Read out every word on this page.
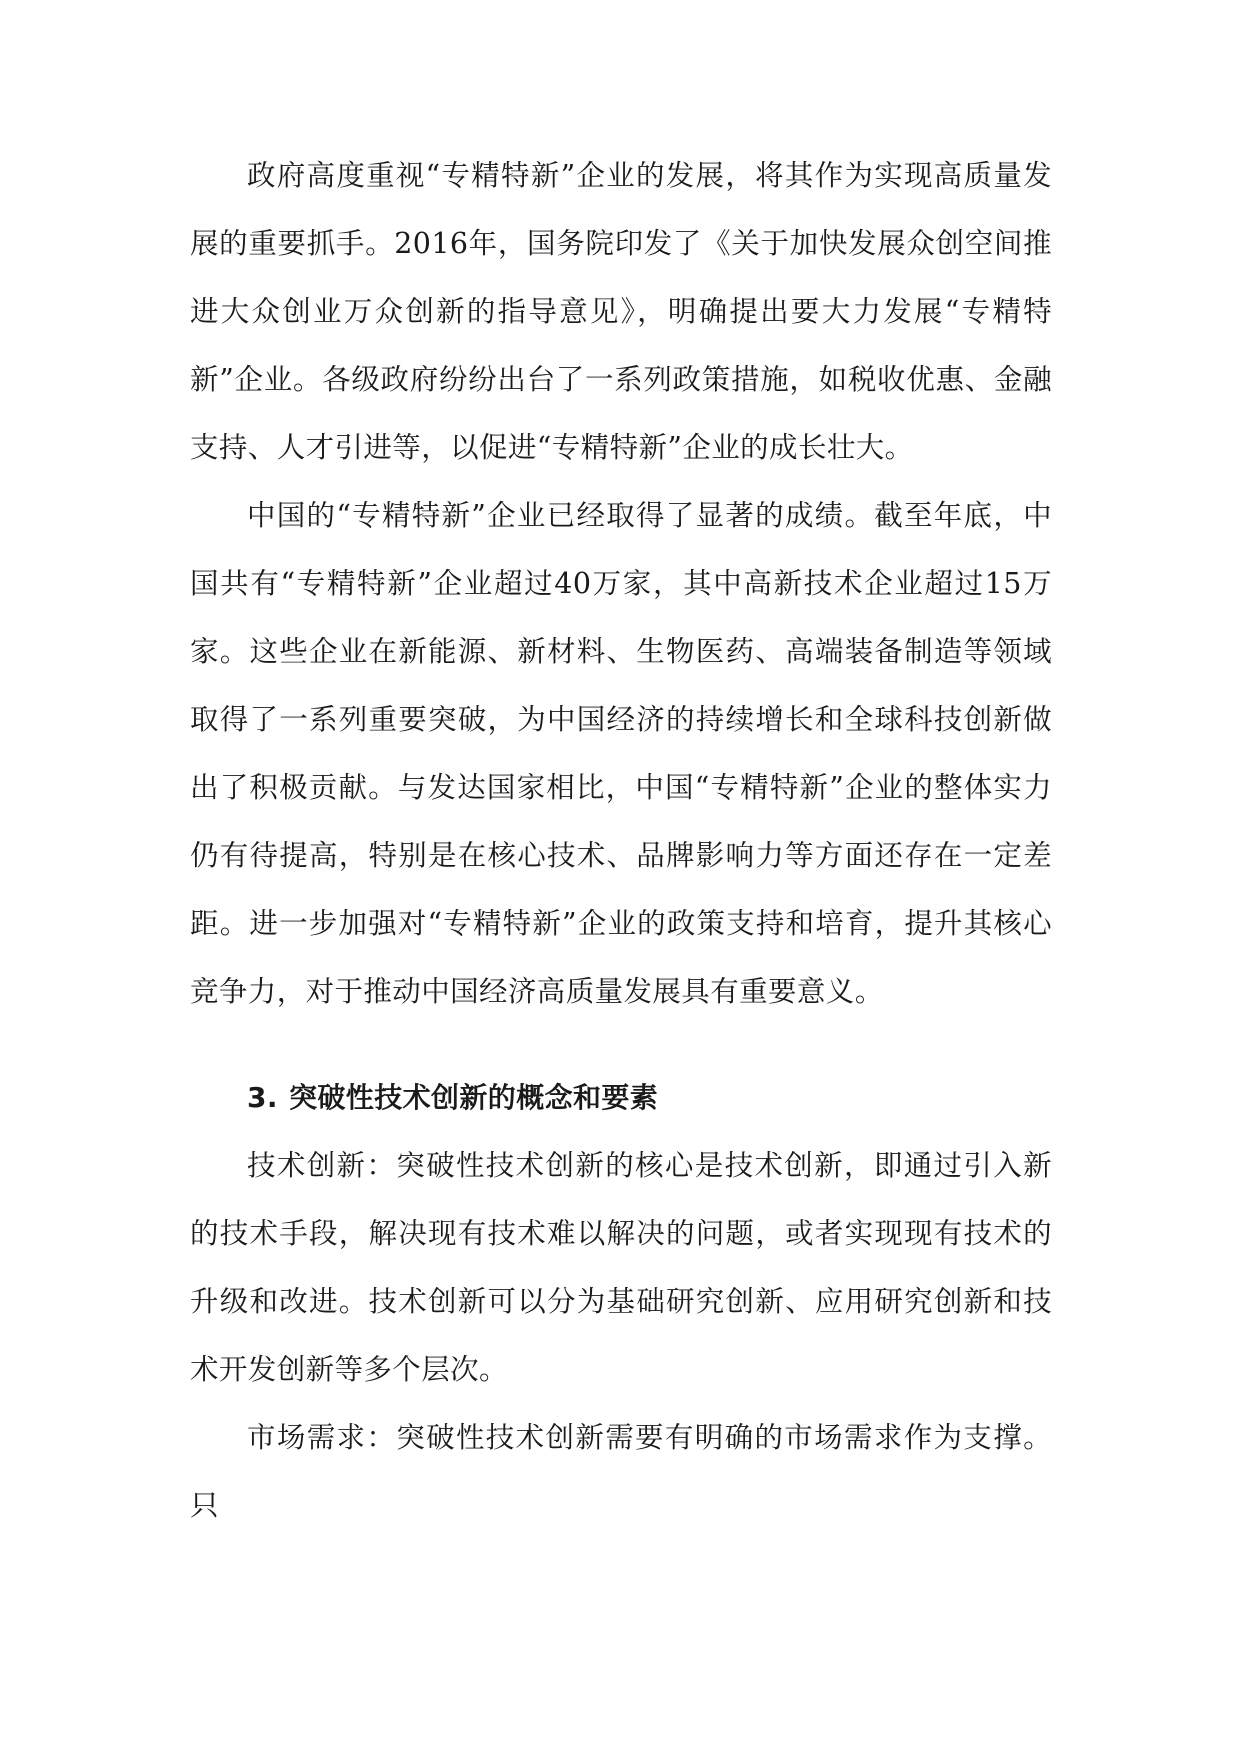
政府高度重视“专精特新”企业的发展，将其作为实现高质量发展的重要抓手。2016年，国务院印发了《关于加快发展众创空间推进大众创业万众创新的指导意见》，明确提出要大力发展“专精特新”企业。各级政府纷纷出台了一系列政策措施，如税收优惠、金融支持、人才引进等，以促进“专精特新”企业的成长壮大。

中国的“专精特新”企业已经取得了显著的成绩。截至年底，中国共有“专精特新”企业超过40万家，其中高新技术企业超过15万家。这些企业在新能源、新材料、生物医药、高端装备制造等领域取得了一系列重要突破，为中国经济的持续增长和全球科技创新做出了积极贡献。与发达国家相比，中国“专精特新”企业的整体实力仍有待提高，特别是在核心技术、品牌影响力等方面还存在一定差距。进一步加强对“专精特新”企业的政策支持和培育，提升其核心竞争力，对于推动中国经济高质量发展具有重要意义。

3. 突破性技术创新的概念和要素

技术创新：突破性技术创新的核心是技术创新，即通过引入新的技术手段，解决现有技术难以解决的问题，或者实现现有技术的升级和改进。技术创新可以分为基础研究创新、应用研究创新和技术开发创新等多个层次。

市场需求：突破性技术创新需要有明确的市场需求作为支撑。只
